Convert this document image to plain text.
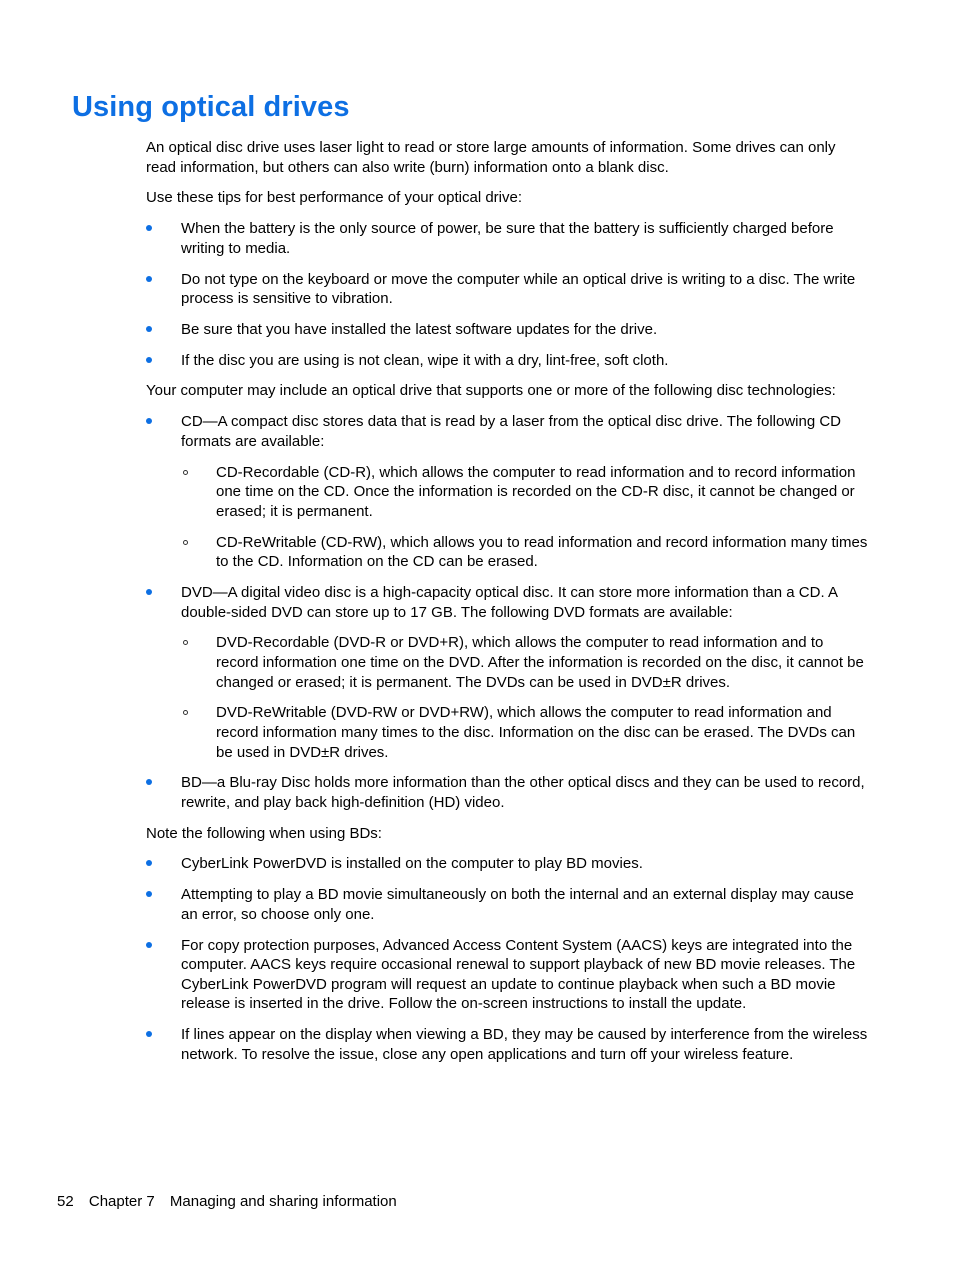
Using optical drives

An optical disc drive uses laser light to read or store large amounts of information. Some drives can only read information, but others can also write (burn) information onto a blank disc.

Use these tips for best performance of your optical drive:

When the battery is the only source of power, be sure that the battery is sufficiently charged before writing to media.
Do not type on the keyboard or move the computer while an optical drive is writing to a disc. The write process is sensitive to vibration.
Be sure that you have installed the latest software updates for the drive.
If the disc you are using is not clean, wipe it with a dry, lint-free, soft cloth.

Your computer may include an optical drive that supports one or more of the following disc technologies:

CD—A compact disc stores data that is read by a laser from the optical disc drive. The following CD formats are available:
CD-Recordable (CD-R), which allows the computer to read information and to record information one time on the CD. Once the information is recorded on the CD-R disc, it cannot be changed or erased; it is permanent.
CD-ReWritable (CD-RW), which allows you to read information and record information many times to the CD. Information on the CD can be erased.
DVD—A digital video disc is a high-capacity optical disc. It can store more information than a CD. A double-sided DVD can store up to 17 GB. The following DVD formats are available:
DVD-Recordable (DVD-R or DVD+R), which allows the computer to read information and to record information one time on the DVD. After the information is recorded on the disc, it cannot be changed or erased; it is permanent. The DVDs can be used in DVD±R drives.
DVD-ReWritable (DVD-RW or DVD+RW), which allows the computer to read information and record information many times to the disc. Information on the disc can be erased. The DVDs can be used in DVD±R drives.
BD—a Blu-ray Disc holds more information than the other optical discs and they can be used to record, rewrite, and play back high-definition (HD) video.

Note the following when using BDs:

CyberLink PowerDVD is installed on the computer to play BD movies.
Attempting to play a BD movie simultaneously on both the internal and an external display may cause an error, so choose only one.
For copy protection purposes, Advanced Access Content System (AACS) keys are integrated into the computer. AACS keys require occasional renewal to support playback of new BD movie releases. The CyberLink PowerDVD program will request an update to continue playback when such a BD movie release is inserted in the drive. Follow the on-screen instructions to install the update.
If lines appear on the display when viewing a BD, they may be caused by interference from the wireless network. To resolve the issue, close any open applications and turn off your wireless feature.
52 Chapter 7 Managing and sharing information
